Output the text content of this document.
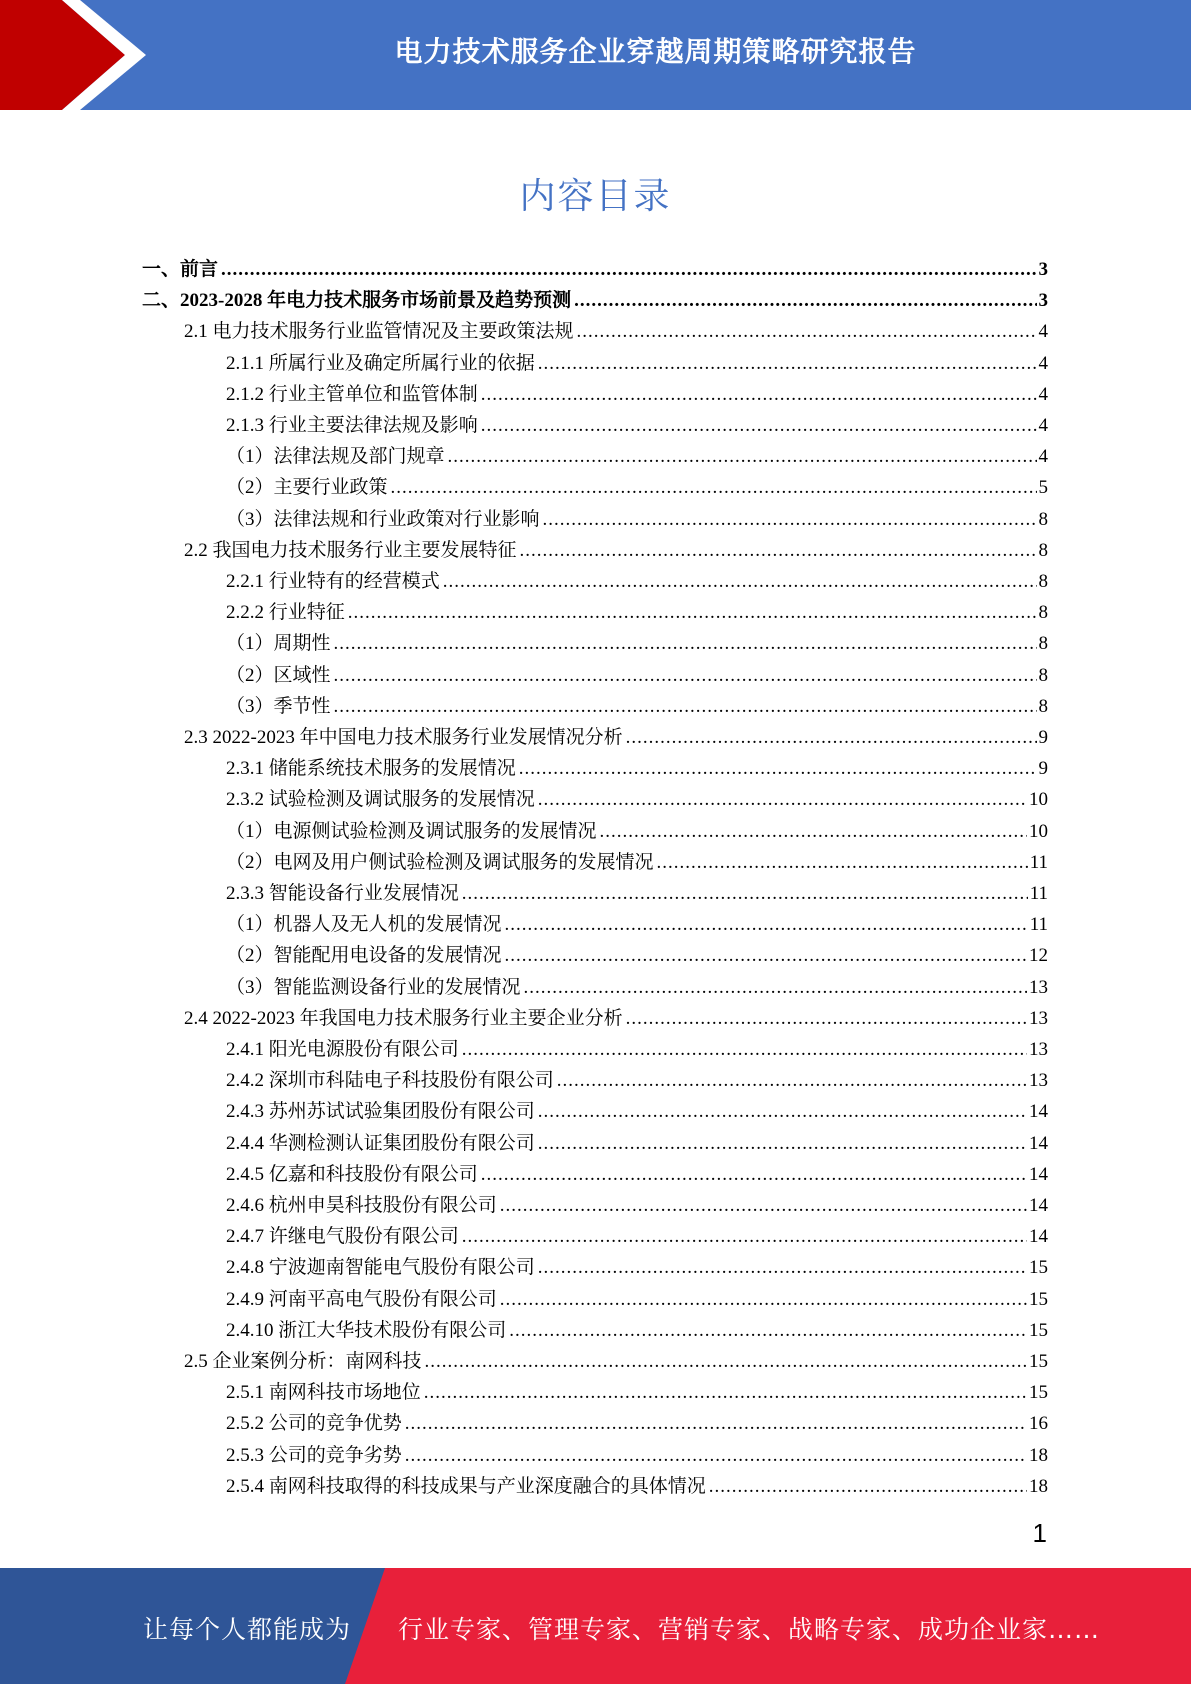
电力技术服务企业穿越周期策略研究报告
内容目录
一、前言 .....	3
二、2023-2028 年电力技术服务市场前景及趋势预测 .....	3
2.1 电力技术服务行业监管情况及主要政策法规 .....	4
2.1.1 所属行业及确定所属行业的依据 .....	4
2.1.2 行业主管单位和监管体制 .....	4
2.1.3 行业主要法律法规及影响 .....	4
（1）法律法规及部门规章 .....	4
（2）主要行业政策 .....	5
（3）法律法规和行业政策对行业影响 .....	8
2.2 我国电力技术服务行业主要发展特征 .....	8
2.2.1 行业特有的经营模式 .....	8
2.2.2 行业特征 .....	8
（1）周期性 .....	8
（2）区域性 .....	8
（3）季节性 .....	8
2.3 2022-2023 年中国电力技术服务行业发展情况分析 .....	9
2.3.1 储能系统技术服务的发展情况 .....	9
2.3.2 试验检测及调试服务的发展情况 .....	10
（1）电源侧试验检测及调试服务的发展情况 .....	10
（2）电网及用户侧试验检测及调试服务的发展情况 .....	11
2.3.3 智能设备行业发展情况 .....	11
（1）机器人及无人机的发展情况 .....	11
（2）智能配用电设备的发展情况 .....	12
（3）智能监测设备行业的发展情况 .....	13
2.4 2022-2023 年我国电力技术服务行业主要企业分析 .....	13
2.4.1 阳光电源股份有限公司 .....	13
2.4.2 深圳市科陆电子科技股份有限公司 .....	13
2.4.3 苏州苏试试验集团股份有限公司 .....	14
2.4.4 华测检测认证集团股份有限公司 .....	14
2.4.5 亿嘉和科技股份有限公司 .....	14
2.4.6 杭州申昊科技股份有限公司 .....	14
2.4.7 许继电气股份有限公司 .....	14
2.4.8 宁波迦南智能电气股份有限公司 .....	15
2.4.9 河南平高电气股份有限公司 .....	15
2.4.10 浙江大华技术股份有限公司 .....	15
2.5 企业案例分析：南网科技 .....	15
2.5.1 南网科技市场地位 .....	15
2.5.2 公司的竞争优势 .....	16
2.5.3 公司的竞争劣势 .....	18
2.5.4 南网科技取得的科技成果与产业深度融合的具体情况 .....	18
1
让每个人都能成为 行业专家、管理专家、营销专家、战略专家、成功企业家……
